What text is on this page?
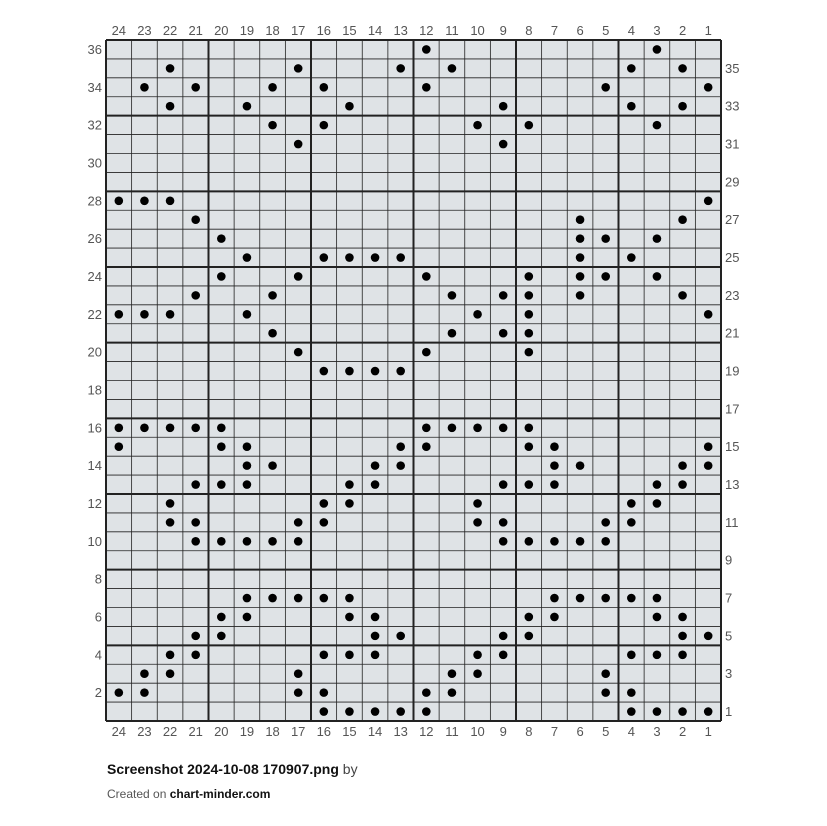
1
1
2
2
3
3
4
4
5
5
6
6
7
7
8
8
9
9
10
10
11
11
12
12
13
13
14
14
15
15
16
16
17
17
18
18
19
19
20
20
21
21
22
22
23
23
24
24
1
2
3
4
5
6
7
8
9
10
11
12
13
14
15
16
17
18
19
20
21
22
23
24
25
26
27
28
29
30
31
32
33
34
35
36
Screenshot 2024-10-08 170907.png by
Created on chart-minder.com
